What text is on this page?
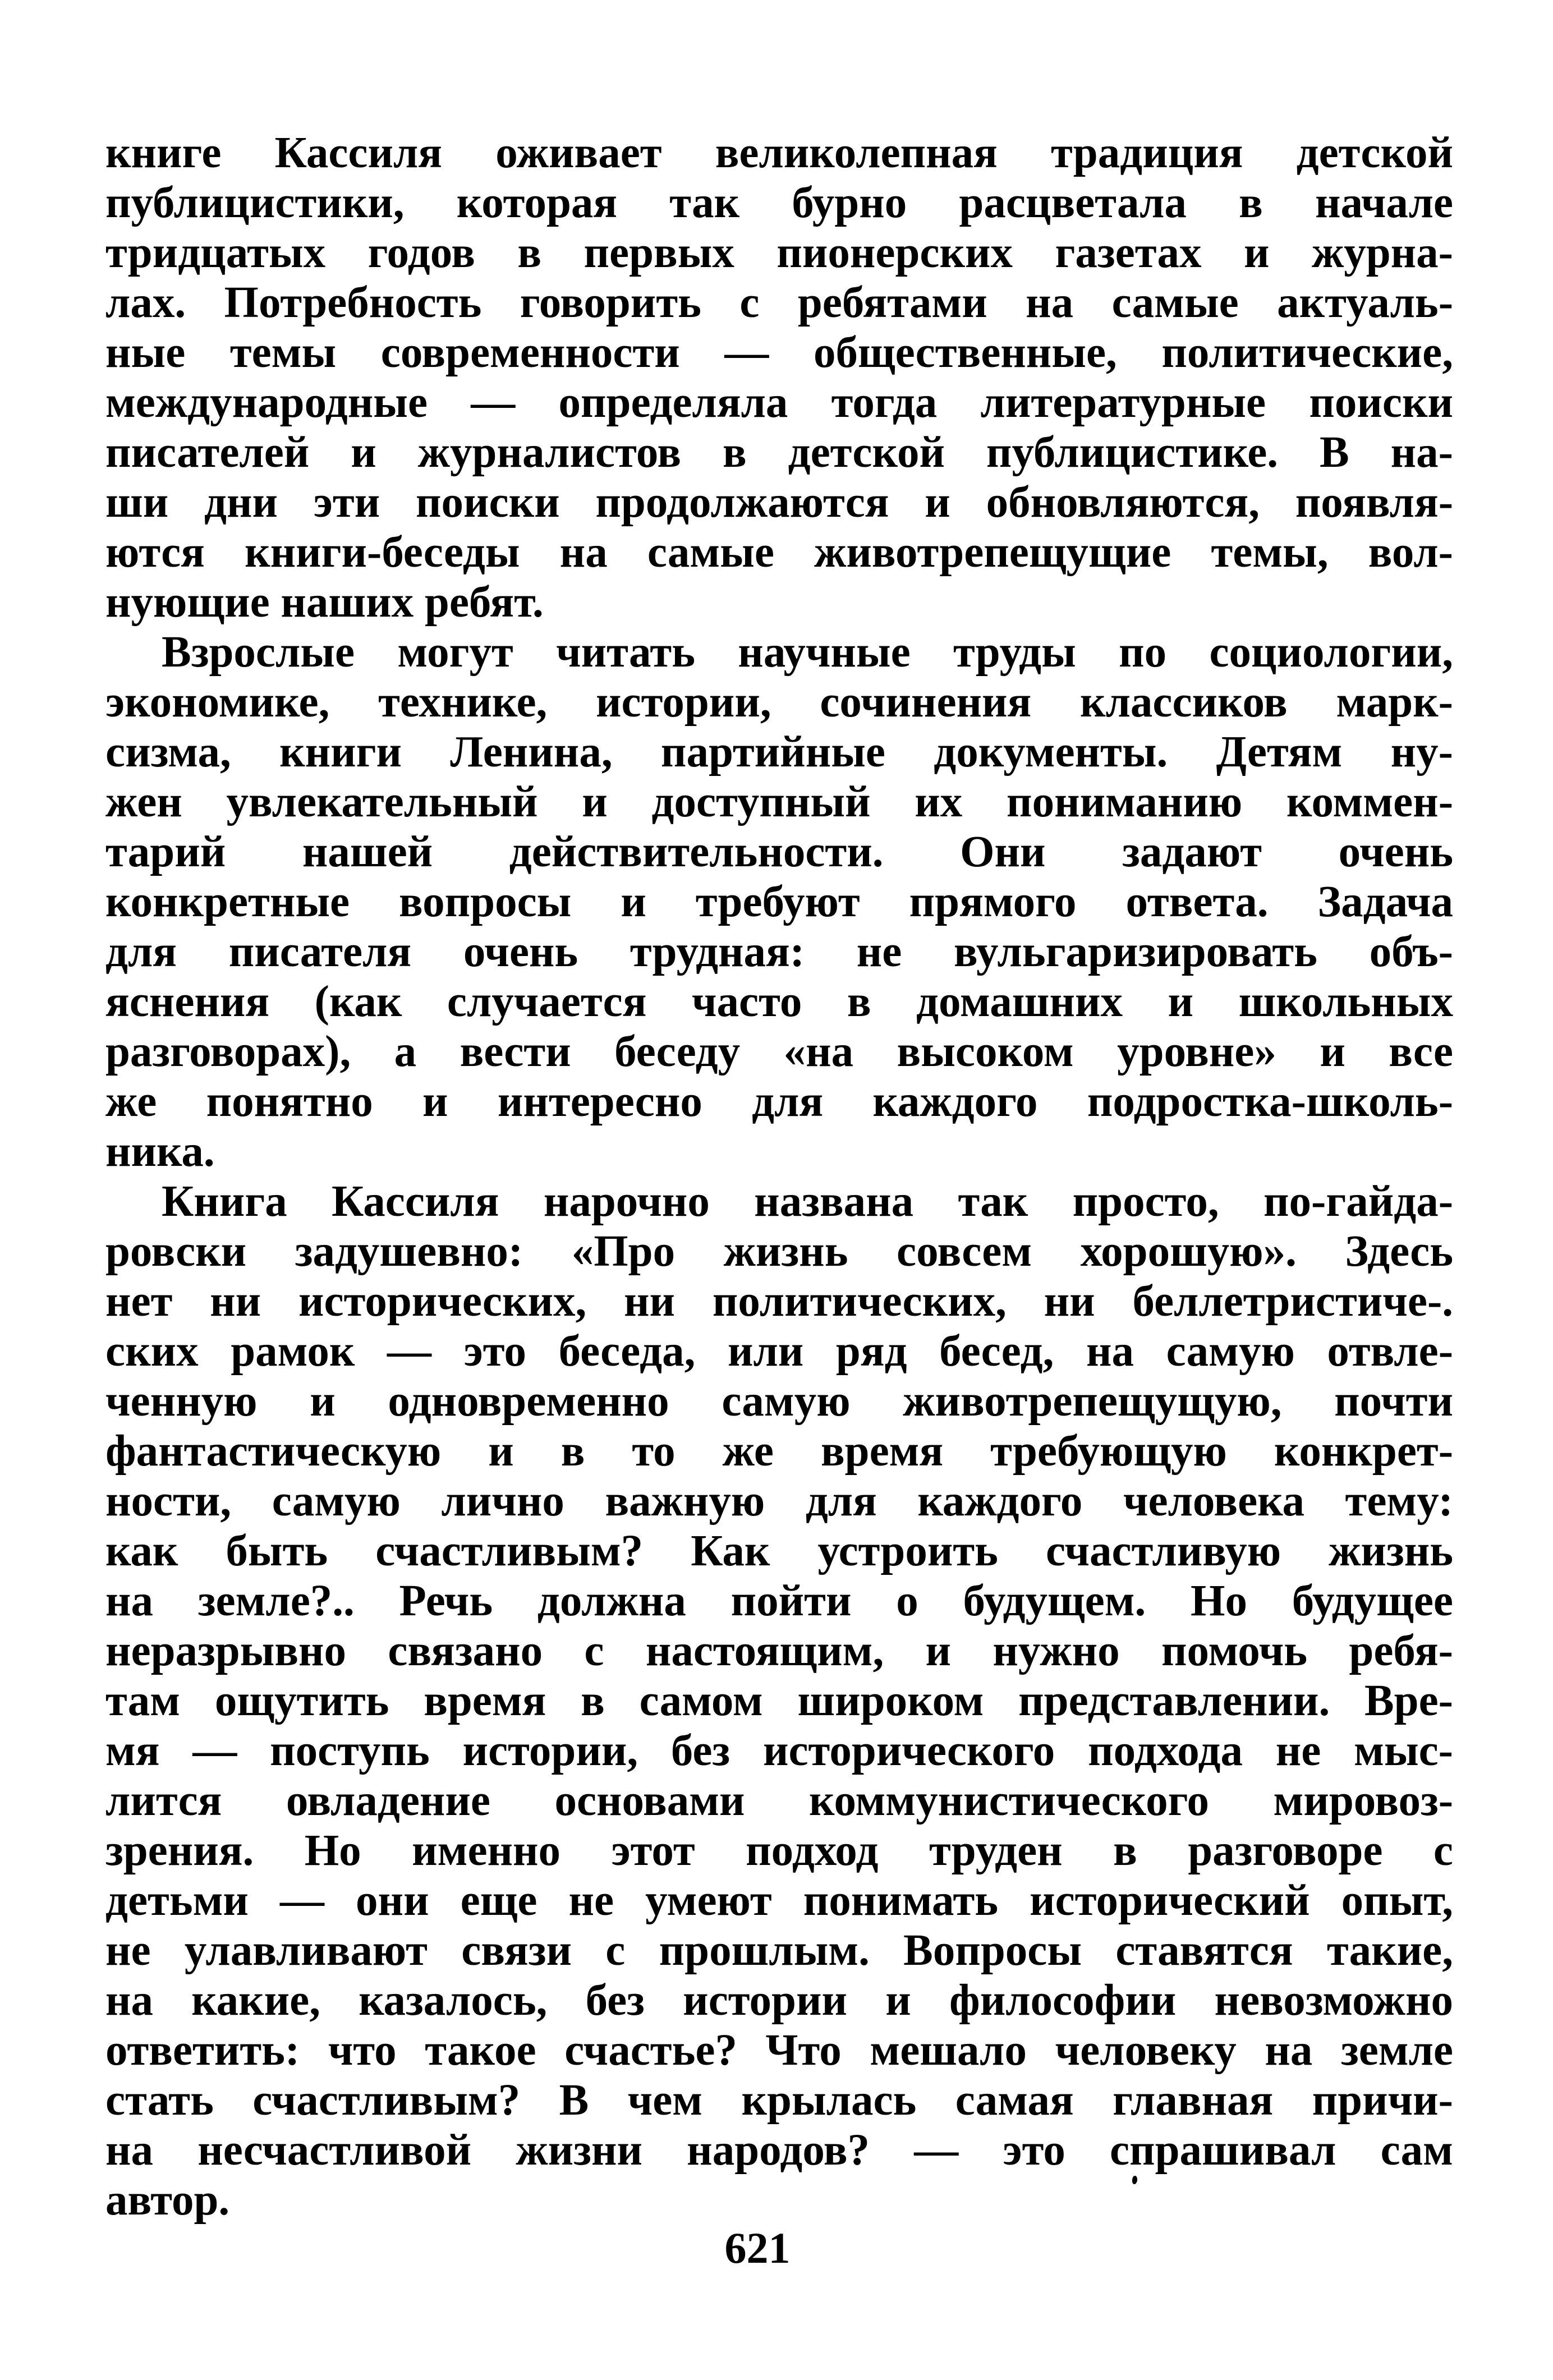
книге Кассиля оживает великолепная традиция детской
публицистики, которая так бурно расцветала в начале
тридцатых годов в первых пионерских газетах и журна-
лах. Потребность говорить с ребятами на самые актуаль-
ные темы современности — общественные, политические,
международные — определяла тогда литературные поиски
писателей и журналистов в детской публицистике. В на-
ши дни эти поиски продолжаются и обновляются, появля-
ются книги-беседы на самые животрепещущие темы, вол-
нующие наших ребят.
Взрослые могут читать научные труды по социологии,
экономике, технике, истории, сочинения классиков марк-
сизма, книги Ленина, партийные документы. Детям ну-
жен увлекательный и доступный их пониманию коммен-
тарий нашей действительности. Они задают очень
конкретные вопросы и требуют прямого ответа. Задача
для писателя очень трудная: не вульгаризировать объ-
яснения (как случается часто в домашних и школьных
разговорах), а вести беседу «на высоком уровне» и все
же понятно и интересно для каждого подростка-школь-
ника.
Книга Кассиля нарочно названа так просто, по-гайда-
ровски задушевно: «Про жизнь совсем хорошую». Здесь
нет ни исторических, ни политических, ни беллетристиче-.
ских рамок — это беседа, или ряд бесед, на самую отвле-
ченную и одновременно самую животрепещущую, почти
фантастическую и в то же время требующую конкрет-
ности, самую лично важную для каждого человека тему:
как быть счастливым? Как устроить счастливую жизнь
на земле?.. Речь должна пойти о будущем. Но будущее
неразрывно связано с настоящим, и нужно помочь ребя-
там ощутить время в самом широком представлении. Вре-
мя — поступь истории, без исторического подхода не мыс-
лится овладение основами коммунистического мировоз-
зрения. Но именно этот подход труден в разговоре с
детьми — они еще не умеют понимать исторический опыт,
не улавливают связи с прошлым. Вопросы ставятся такие,
на какие, казалось, без истории и философии невозможно
ответить: что такое счастье? Что мешало человеку на земле
стать счастливым? В чем крылась самая главная причи-
на несчастливой жизни народов? — это спрашивал сам
автор.
621
